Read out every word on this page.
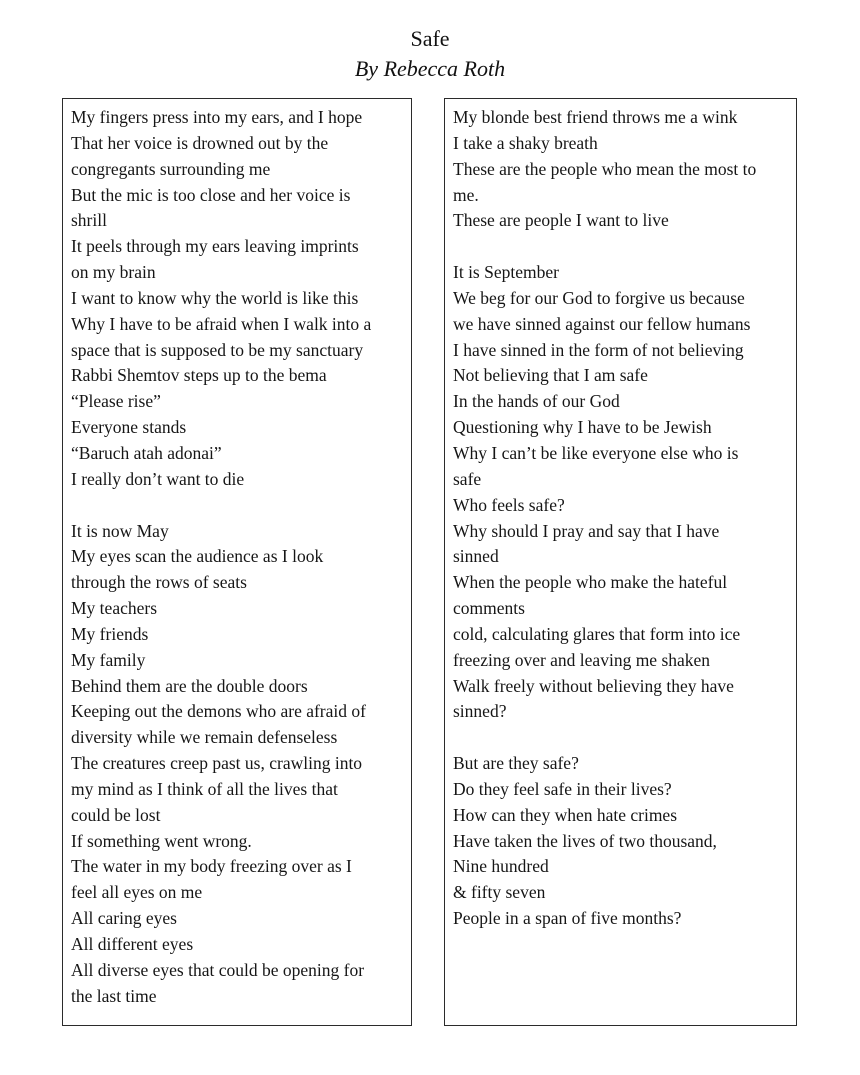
Safe
By Rebecca Roth
My fingers press into my ears, and I hope
That her voice is drowned out by the
congregants surrounding me
But the mic is too close and her voice is
shrill
It peels through my ears leaving imprints
on my brain
I want to know why the world is like this
Why I have to be afraid when I walk into a
space that is supposed to be my sanctuary
Rabbi Shemtov steps up to the bema
“Please rise”
Everyone stands
“Baruch atah adonai”
I really don’t want to die
It is now May
My eyes scan the audience as I look
through the rows of seats
My teachers
My friends
My family
Behind them are the double doors
Keeping out the demons who are afraid of
diversity while we remain defenseless
The creatures creep past us, crawling into
my mind as I think of all the lives that
could be lost
If something went wrong.
The water in my body freezing over as I
feel all eyes on me
All caring eyes
All different eyes
All diverse eyes that could be opening for
the last time
My blonde best friend throws me a wink
I take a shaky breath
These are the people who mean the most to
me.
These are people I want to live
It is September
We beg for our God to forgive us because
we have sinned against our fellow humans
I have sinned in the form of not believing
Not believing that I am safe
In the hands of our God
Questioning why I have to be Jewish
Why I can’t be like everyone else who is
safe
Who feels safe?
Why should I pray and say that I have
sinned
When the people who make the hateful
comments
cold, calculating glares that form into ice
freezing over and leaving me shaken
Walk freely without believing they have
sinned?
But are they safe?
Do they feel safe in their lives?
How can they when hate crimes
Have taken the lives of two thousand,
Nine hundred
& fifty seven
People in a span of five months?
